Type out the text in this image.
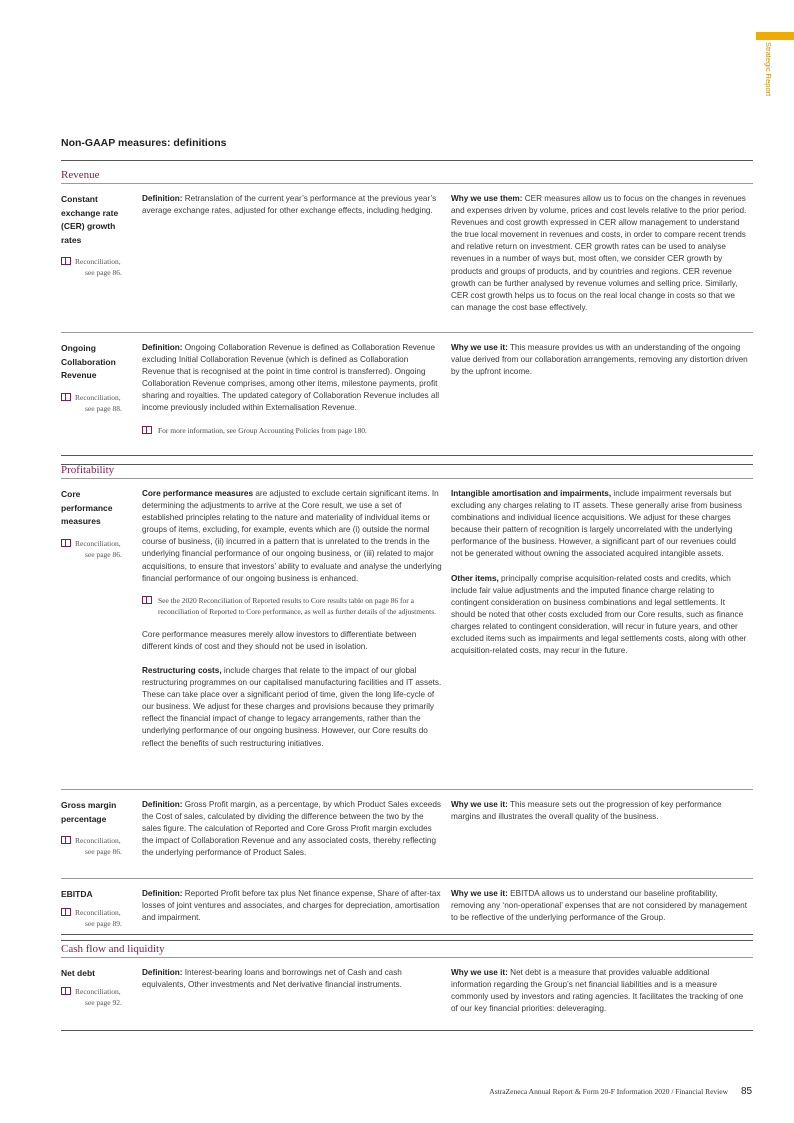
Strategic Report
Non-GAAP measures: definitions
Revenue
Constant
exchange rate
(CER) growth
rates
Reconciliation,
see page 86.

Definition: Retranslation of the current year’s performance at the previous year’s average exchange rates, adjusted for other exchange effects, including hedging.

Why we use them: CER measures allow us to focus on the changes in revenues and expenses driven by volume, prices and cost levels relative to the prior period. Revenues and cost growth expressed in CER allow management to understand the true local movement in revenues and costs, in order to compare recent trends and relative return on investment. CER growth rates can be used to analyse revenues in a number of ways but, most often, we consider CER growth by products and groups of products, and by countries and regions. CER revenue growth can be further analysed by revenue volumes and selling price. Similarly, CER cost growth helps us to focus on the real local change in costs so that we can manage the cost base effectively.

Ongoing
Collaboration
Revenue
Reconciliation,
see page 88.

Definition: Ongoing Collaboration Revenue is defined as Collaboration Revenue excluding Initial Collaboration Revenue (which is defined as Collaboration Revenue that is recognised at the point in time control is transferred). Ongoing Collaboration Revenue comprises, among other items, milestone payments, profit sharing and royalties. The updated category of Collaboration Revenue includes all income previously included within Externalisation Revenue.

For more information, see Group Accounting Policies from page 180.

Why we use it: This measure provides us with an understanding of the ongoing value derived from our collaboration arrangements, removing any distortion driven by the upfront income.

Profitability
Core
performance
measures
Reconciliation,
see page 86.

Core performance measures are adjusted to exclude certain significant items. In determining the adjustments to arrive at the Core result, we use a set of established principles relating to the nature and materiality of individual items or groups of items, excluding, for example, events which are (i) outside the normal course of business, (ii) incurred in a pattern that is unrelated to the trends in the underlying financial performance of our ongoing business, or (iii) related to major acquisitions, to ensure that investors’ ability to evaluate and analyse the underlying financial performance of our ongoing business is enhanced.

See the 2020 Reconciliation of Reported results to Core results table on page 86 for a reconciliation of Reported to Core performance, as well as further details of the adjustments.

Core performance measures merely allow investors to differentiate between different kinds of cost and they should not be used in isolation.

Restructuring costs, include charges that relate to the impact of our global restructuring programmes on our capitalised manufacturing facilities and IT assets. These can take place over a significant period of time, given the long life-cycle of our business. We adjust for these charges and provisions because they primarily reflect the financial impact of change to legacy arrangements, rather than the underlying performance of our ongoing business. However, our Core results do reflect the benefits of such restructuring initiatives.

Intangible amortisation and impairments, include impairment reversals but excluding any charges relating to IT assets. These generally arise from business combinations and individual licence acquisitions. We adjust for these charges because their pattern of recognition is largely uncorrelated with the underlying performance of the business. However, a significant part of our revenues could not be generated without owning the associated acquired intangible assets.

Other items, principally comprise acquisition-related costs and credits, which include fair value adjustments and the imputed finance charge relating to contingent consideration on business combinations and legal settlements. It should be noted that other costs excluded from our Core results, such as finance charges related to contingent consideration, will recur in future years, and other excluded items such as impairments and legal settlements costs, along with other acquisition-related costs, may recur in the future.

Gross margin
percentage
Reconciliation,
see page 86.

Definition: Gross Profit margin, as a percentage, by which Product Sales exceeds the Cost of sales, calculated by dividing the difference between the two by the sales figure. The calculation of Reported and Core Gross Profit margin excludes the impact of Collaboration Revenue and any associated costs, thereby reflecting the underlying performance of Product Sales.

Why we use it: This measure sets out the progression of key performance margins and illustrates the overall quality of the business.

EBITDA
Reconciliation,
see page 89.

Definition: Reported Profit before tax plus Net finance expense, Share of after-tax losses of joint ventures and associates, and charges for depreciation, amortisation and impairment.

Why we use it: EBITDA allows us to understand our baseline profitability, removing any ‘non-operational’ expenses that are not considered by management to be reflective of the underlying performance of the Group.

Cash flow and liquidity
Net debt
Reconciliation,
see page 92.

Definition: Interest-bearing loans and borrowings net of Cash and cash equivalents, Other investments and Net derivative financial instruments.

Why we use it: Net debt is a measure that provides valuable additional information regarding the Group’s net financial liabilities and is a measure commonly used by investors and rating agencies. It facilitates the tracking of one of our key financial priorities: deleveraging.

AstraZeneca Annual Report & Form 20-F Information 2020 / Financial Review 85
